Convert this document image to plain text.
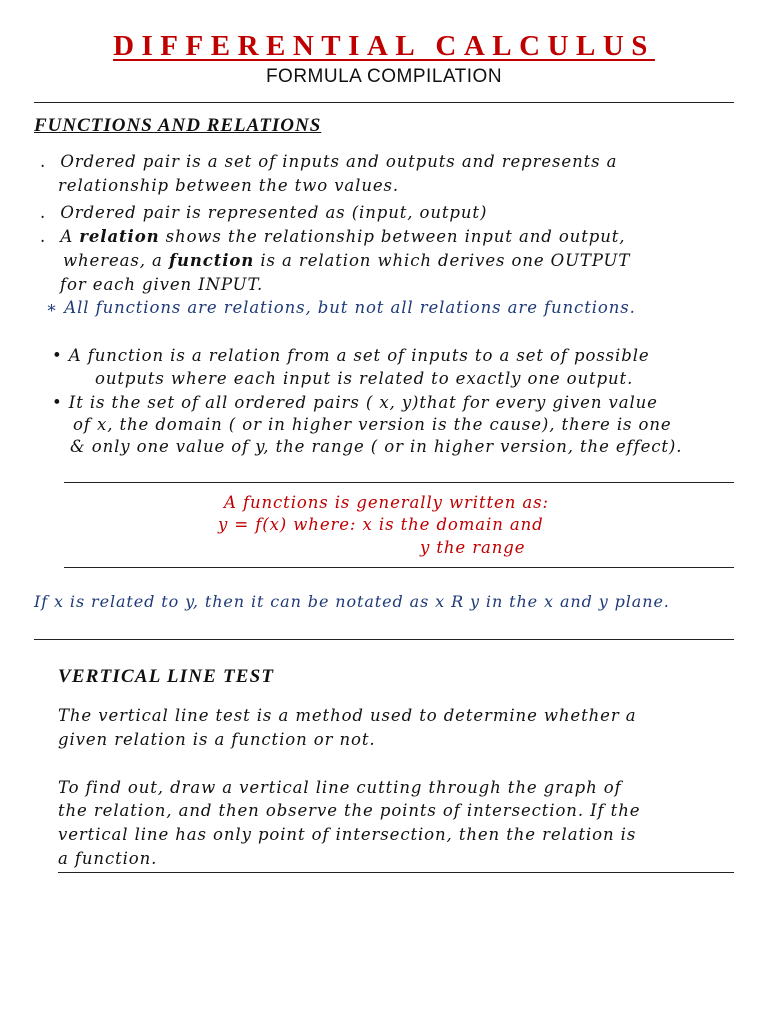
DIFFERENTIAL CALCULUS
FORMULA COMPILATION
FUNCTIONS AND RELATIONS
. Ordered pair is a set of inputs and outputs and represents a
relationship between the two values.
. Ordered pair is represented as (input, output)
. A relation shows the relationship between input and output,
whereas, a function is a relation which derives one OUTPUT
for each given INPUT.
∗ All functions are relations, but not all relations are functions.
• A function is a relation from a set of inputs to a set of possible
outputs where each input is related to exactly one output.
• It is the set of all ordered pairs ( x, y)that for every given value
of x, the domain ( or in higher version is the cause), there is one
& only one value of y, the range ( or in higher version, the effect).
A functions is generally written as:
y = f(x) where: x is the domain and
y the range
If x is related to y, then it can be notated as x R y in the x and y plane.
VERTICAL LINE TEST
The vertical line test is a method used to determine whether a
given relation is a function or not.
To find out, draw a vertical line cutting through the graph of
the relation, and then observe the points of intersection. If the
vertical line has only point of intersection, then the relation is
a function.
